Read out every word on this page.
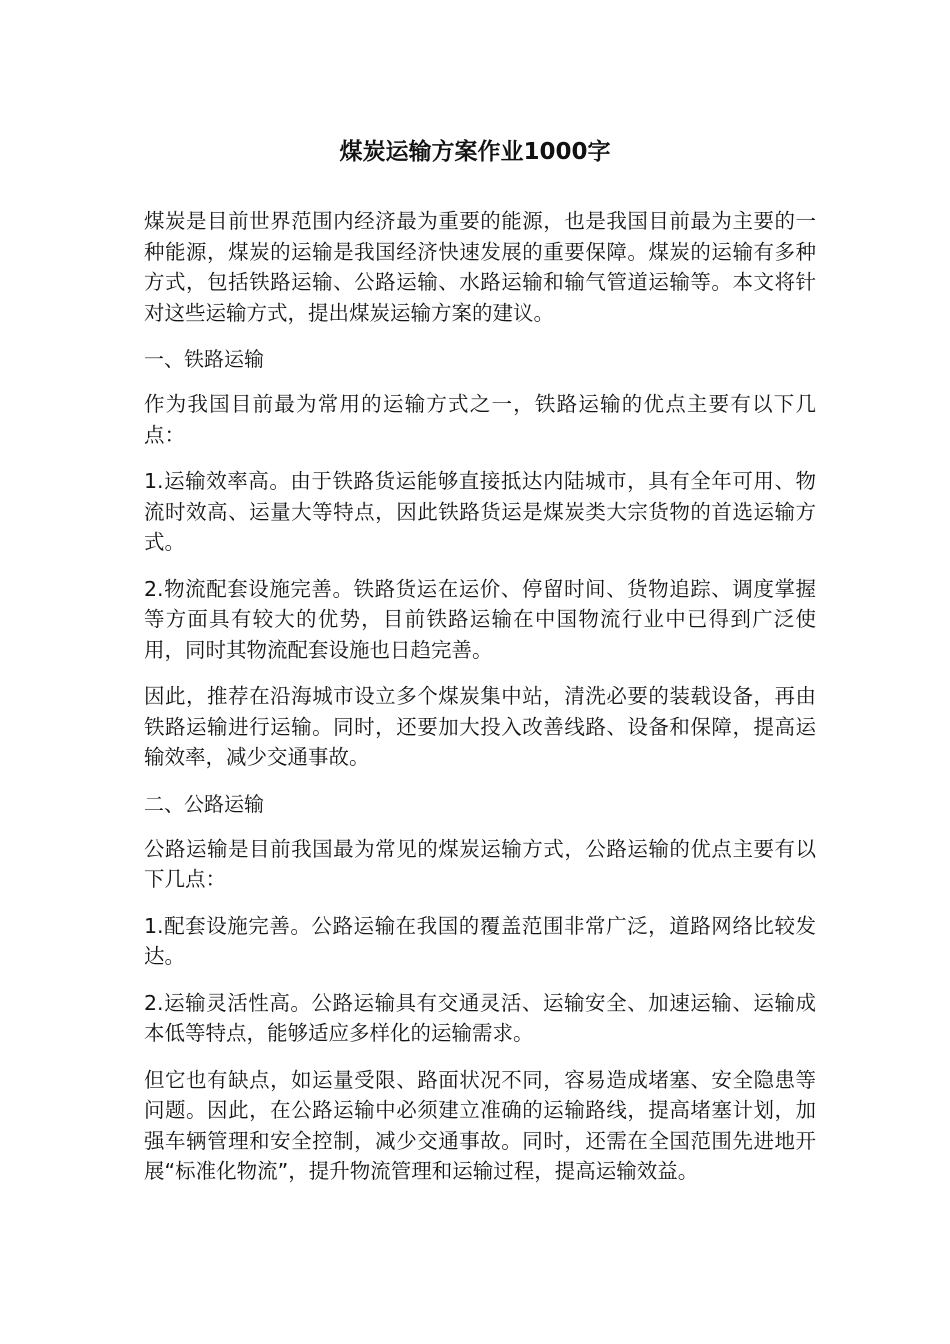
煤炭运输方案作业1000字

煤炭是目前世界范围内经济最为重要的能源，也是我国目前最为主要的一种能源，煤炭的运输是我国经济快速发展的重要保障。煤炭的运输有多种方式，包括铁路运输、公路运输、水路运输和输气管道运输等。本文将针对这些运输方式，提出煤炭运输方案的建议。

一、铁路运输

作为我国目前最为常用的运输方式之一，铁路运输的优点主要有以下几点：

1.运输效率高。由于铁路货运能够直接抵达内陆城市，具有全年可用、物流时效高、运量大等特点，因此铁路货运是煤炭类大宗货物的首选运输方式。

2.物流配套设施完善。铁路货运在运价、停留时间、货物追踪、调度掌握等方面具有较大的优势，目前铁路运输在中国物流行业中已得到广泛使用，同时其物流配套设施也日趋完善。

因此，推荐在沿海城市设立多个煤炭集中站，清洗必要的装载设备，再由铁路运输进行运输。同时，还要加大投入改善线路、设备和保障，提高运输效率，减少交通事故。

二、公路运输

公路运输是目前我国最为常见的煤炭运输方式，公路运输的优点主要有以下几点：

1.配套设施完善。公路运输在我国的覆盖范围非常广泛，道路网络比较发达。

2.运输灵活性高。公路运输具有交通灵活、运输安全、加速运输、运输成本低等特点，能够适应多样化的运输需求。

但它也有缺点，如运量受限、路面状况不同，容易造成堵塞、安全隐患等问题。因此，在公路运输中必须建立准确的运输路线，提高堵塞计划，加强车辆管理和安全控制，减少交通事故。同时，还需在全国范围先进地开展“标准化物流”，提升物流管理和运输过程，提高运输效益。
